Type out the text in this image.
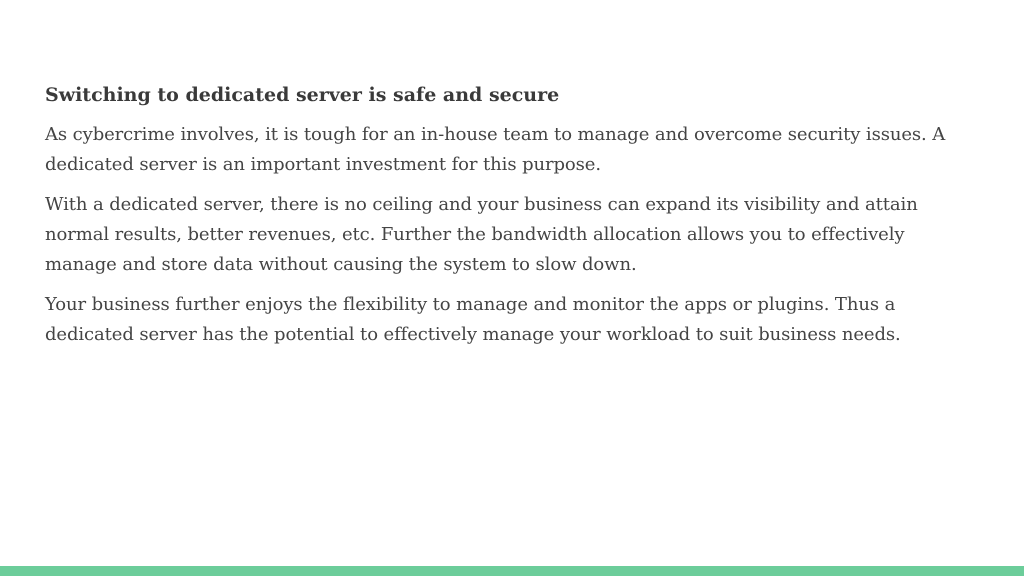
Switching to dedicated server is safe and secure

As cybercrime involves, it is tough for an in-house team to manage and overcome security issues. A dedicated server is an important investment for this purpose.

With a dedicated server, there is no ceiling and your business can expand its visibility and attain normal results, better revenues, etc. Further the bandwidth allocation allows you to effectively manage and store data without causing the system to slow down.

Your business further enjoys the flexibility to manage and monitor the apps or plugins. Thus a dedicated server has the potential to effectively manage your workload to suit business needs.
